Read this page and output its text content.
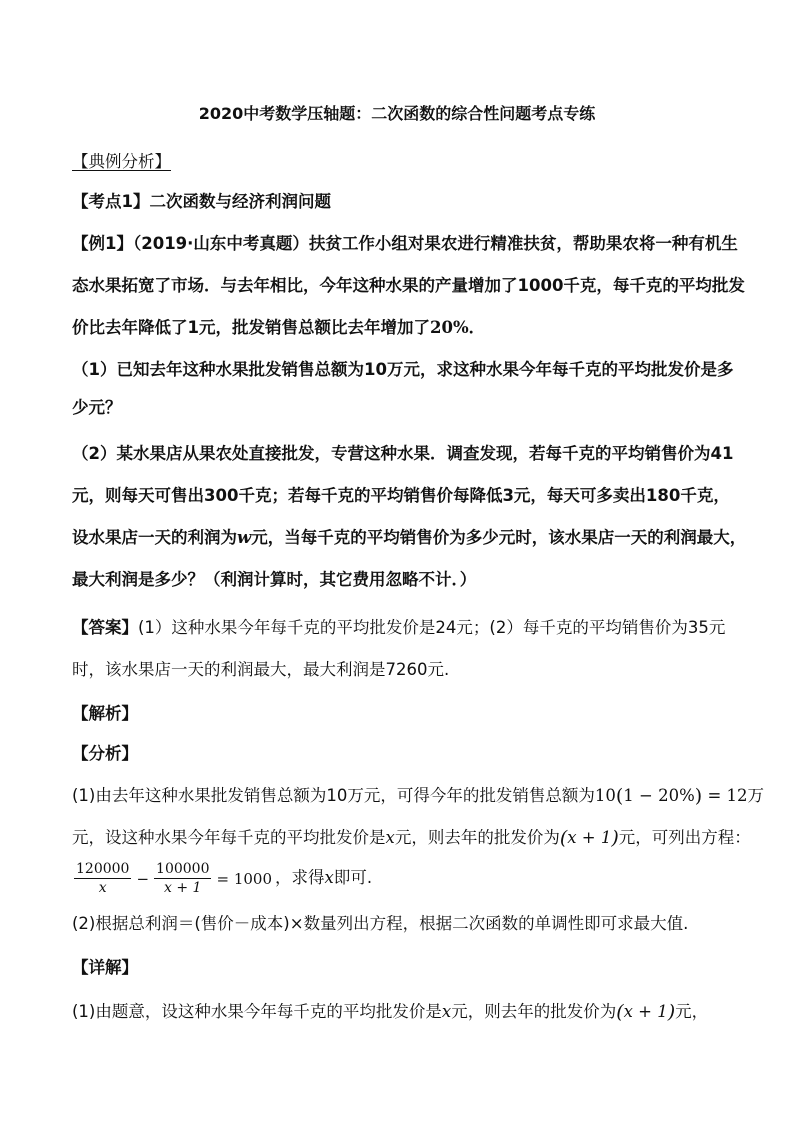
2020中考数学压轴题：二次函数的综合性问题考点专练
【典例分析】
【考点1】二次函数与经济利润问题
【例1】（2019·山东中考真题）扶贫工作小组对果农进行精准扶贫，帮助果农将一种有机生
态水果拓宽了市场．与去年相比，今年这种水果的产量增加了1000千克，每千克的平均批发
价比去年降低了1元，批发销售总额比去年增加了20%．
（1）已知去年这种水果批发销售总额为10万元，求这种水果今年每千克的平均批发价是多
少元？
（2）某水果店从果农处直接批发，专营这种水果．调查发现，若每千克的平均销售价为41
元，则每天可售出300千克；若每千克的平均销售价每降低3元，每天可多卖出180千克，
设水果店一天的利润为w元，当每千克的平均销售价为多少元时，该水果店一天的利润最大，
最大利润是多少？（利润计算时，其它费用忽略不计．）
【答案】(1）这种水果今年每千克的平均批发价是24元；(2）每千克的平均销售价为35元
时，该水果店一天的利润最大，最大利润是7260元.
【解析】
【分析】
(1)由去年这种水果批发销售总额为10万元，可得今年的批发销售总额为10(1 − 20%) = 12万
元，设这种水果今年每千克的平均批发价是x元，则去年的批发价为(x + 1)元，可列出方程：
$\frac{120000}{x} - \frac{100000}{x + 1} = 1000$ ，求得x即可.
(2)根据总利润＝(售价－成本)×数量列出方程，根据二次函数的单调性即可求最大值.
【详解】
(1)由题意，设这种水果今年每千克的平均批发价是x元，则去年的批发价为(x + 1)元，
